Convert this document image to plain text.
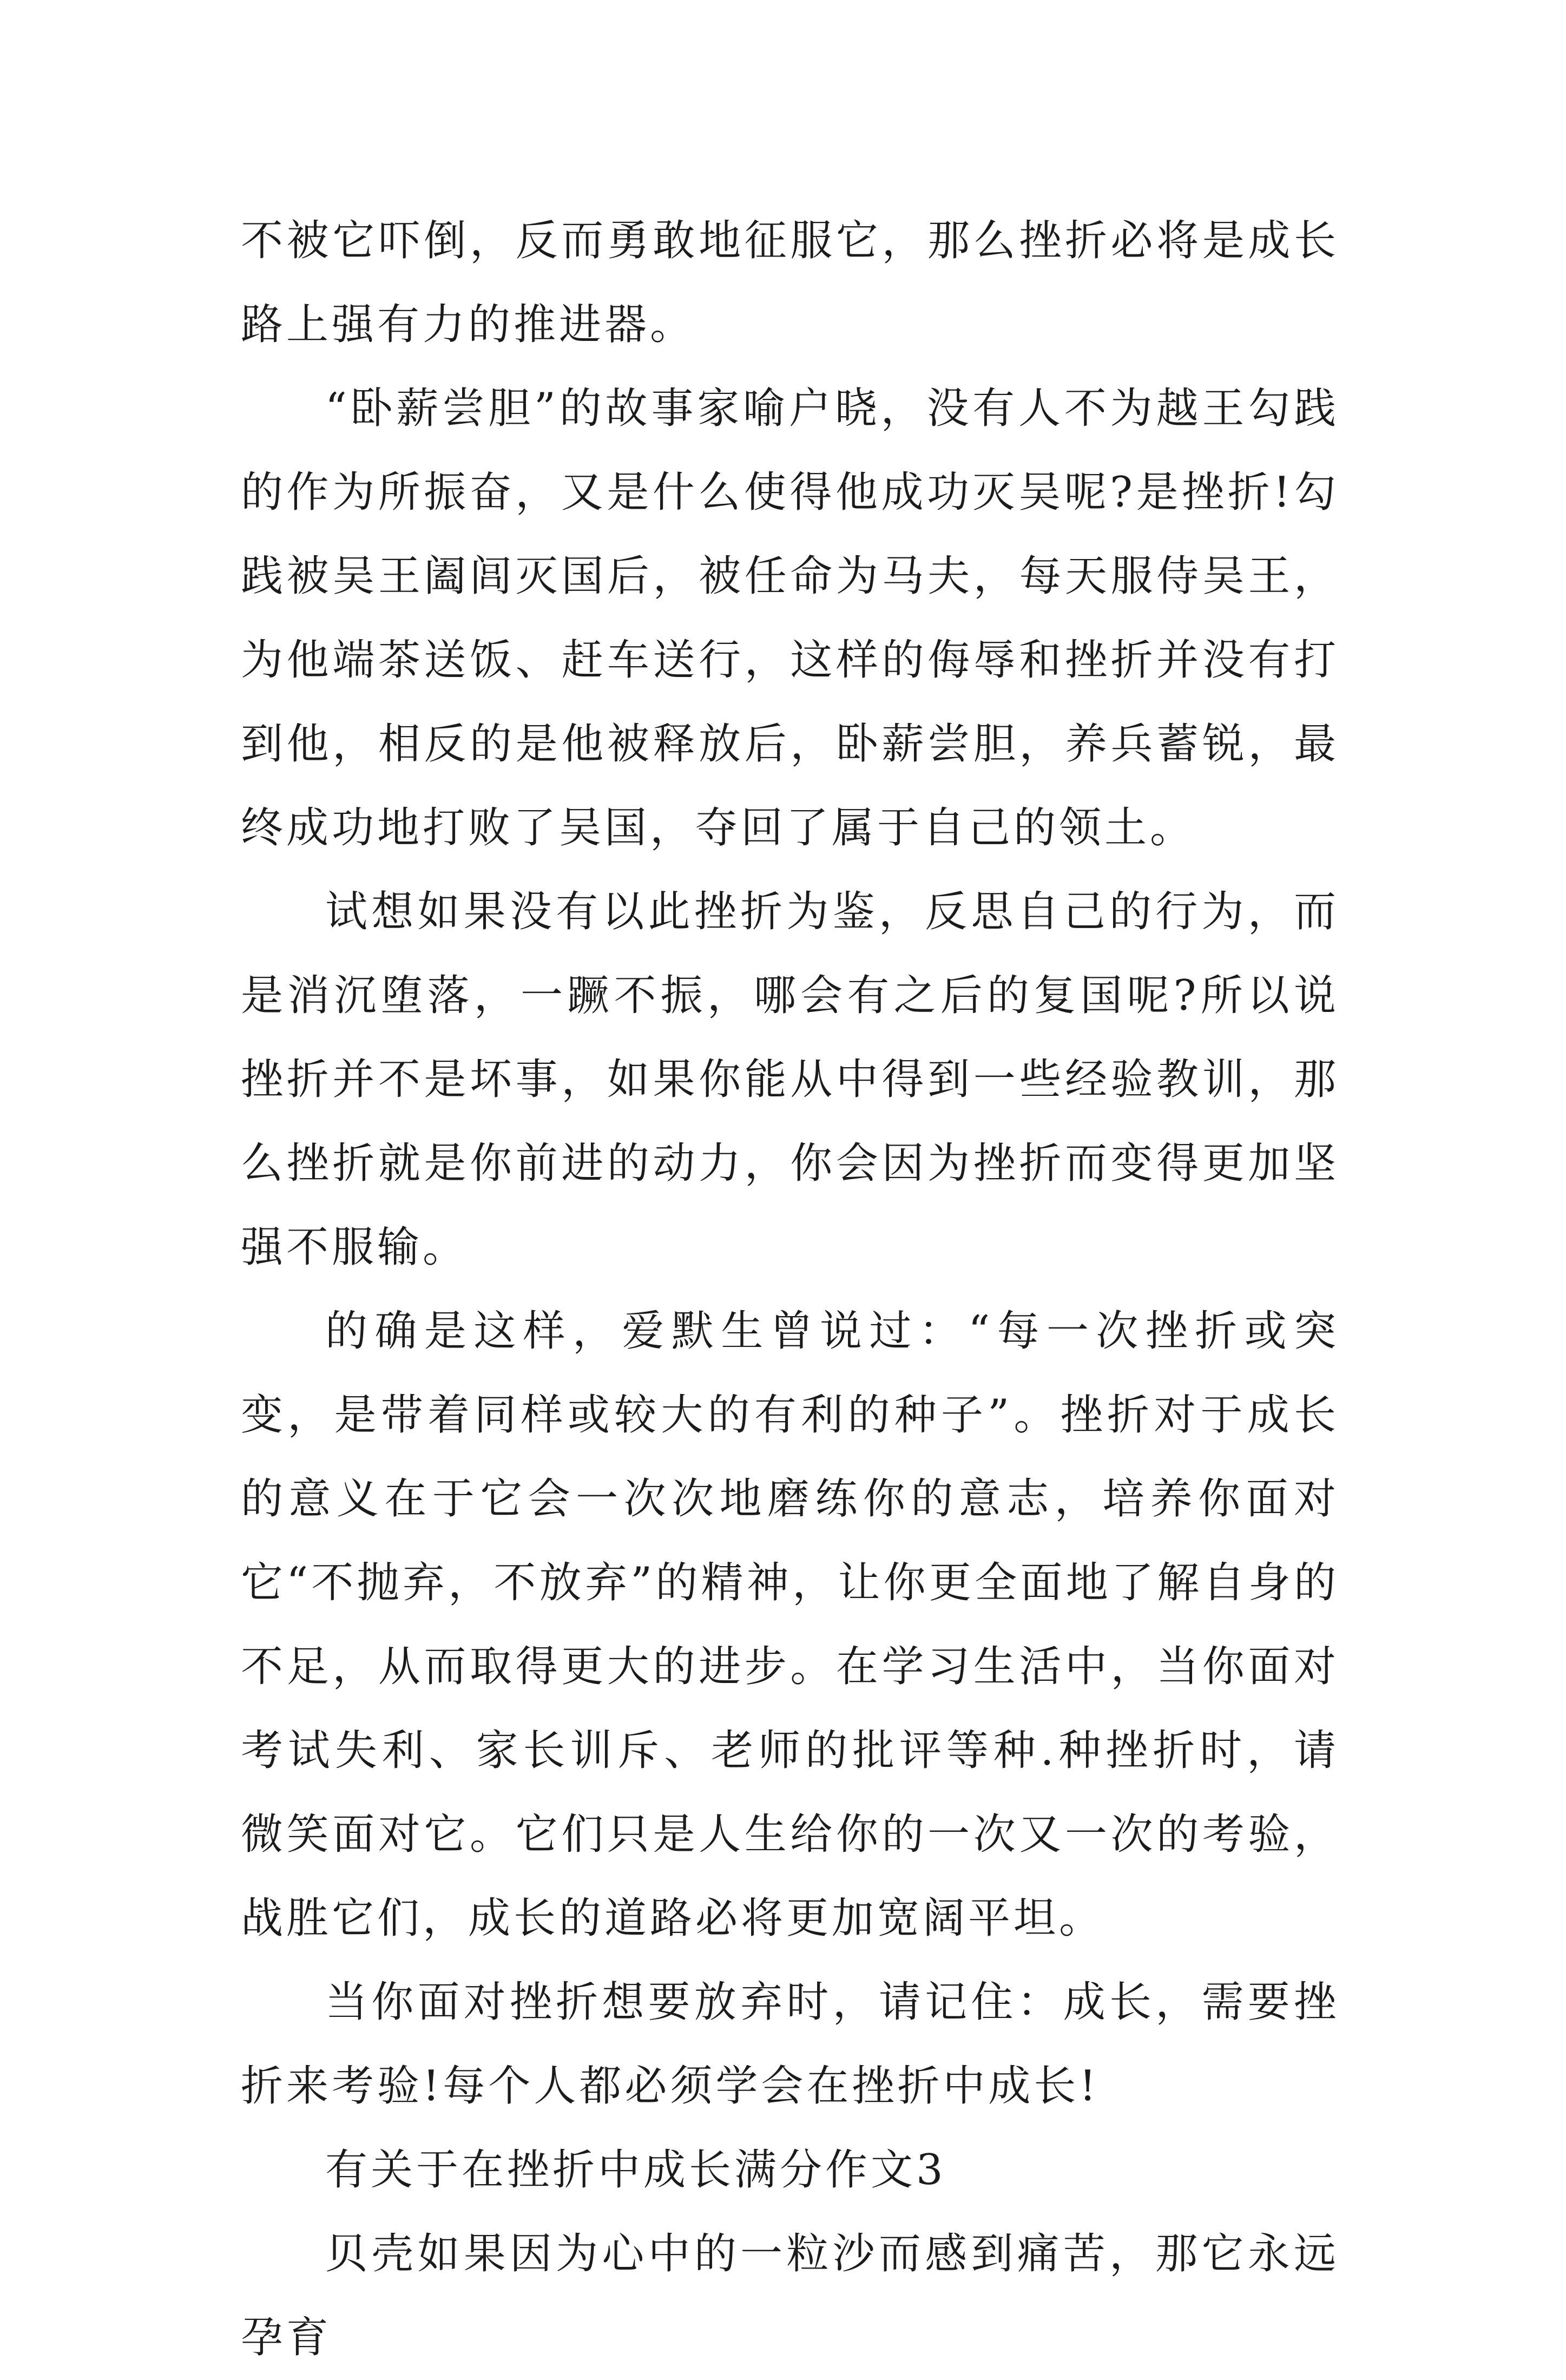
不被它吓倒，反而勇敢地征服它，那么挫折必将是成长路上强有力的推进器。

“卧薪尝胆”的故事家喻户晓，没有人不为越王勾践的作为所振奋，又是什么使得他成功灭吴呢?是挫折!勾践被吴王阖闾灭国后，被任命为马夫，每天服侍吴王，为他端茶送饭、赶车送行，这样的侮辱和挫折并没有打到他，相反的是他被释放后，卧薪尝胆，养兵蓄锐，最终成功地打败了吴国，夺回了属于自己的领土。

试想如果没有以此挫折为鉴，反思自己的行为，而是消沉堕落，一蹶不振，哪会有之后的复国呢?所以说挫折并不是坏事，如果你能从中得到一些经验教训，那么挫折就是你前进的动力，你会因为挫折而变得更加坚强不服输。

的确是这样，爱默生曾说过：“每一次挫折或突变，是带着同样或较大的有利的种子”。挫折对于成长的意义在于它会一次次地磨练你的意志，培养你面对它“不抛弃，不放弃”的精神，让你更全面地了解自身的不足，从而取得更大的进步。在学习生活中，当你面对考试失利、家长训斥、老师的批评等种.种挫折时，请微笑面对它。它们只是人生给你的一次又一次的考验，战胜它们，成长的道路必将更加宽阔平坦。

当你面对挫折想要放弃时，请记住：成长，需要挫折来考验!每个人都必须学会在挫折中成长!

有关于在挫折中成长满分作文3

贝壳如果因为心中的一粒沙而感到痛苦，那它永远孕育
